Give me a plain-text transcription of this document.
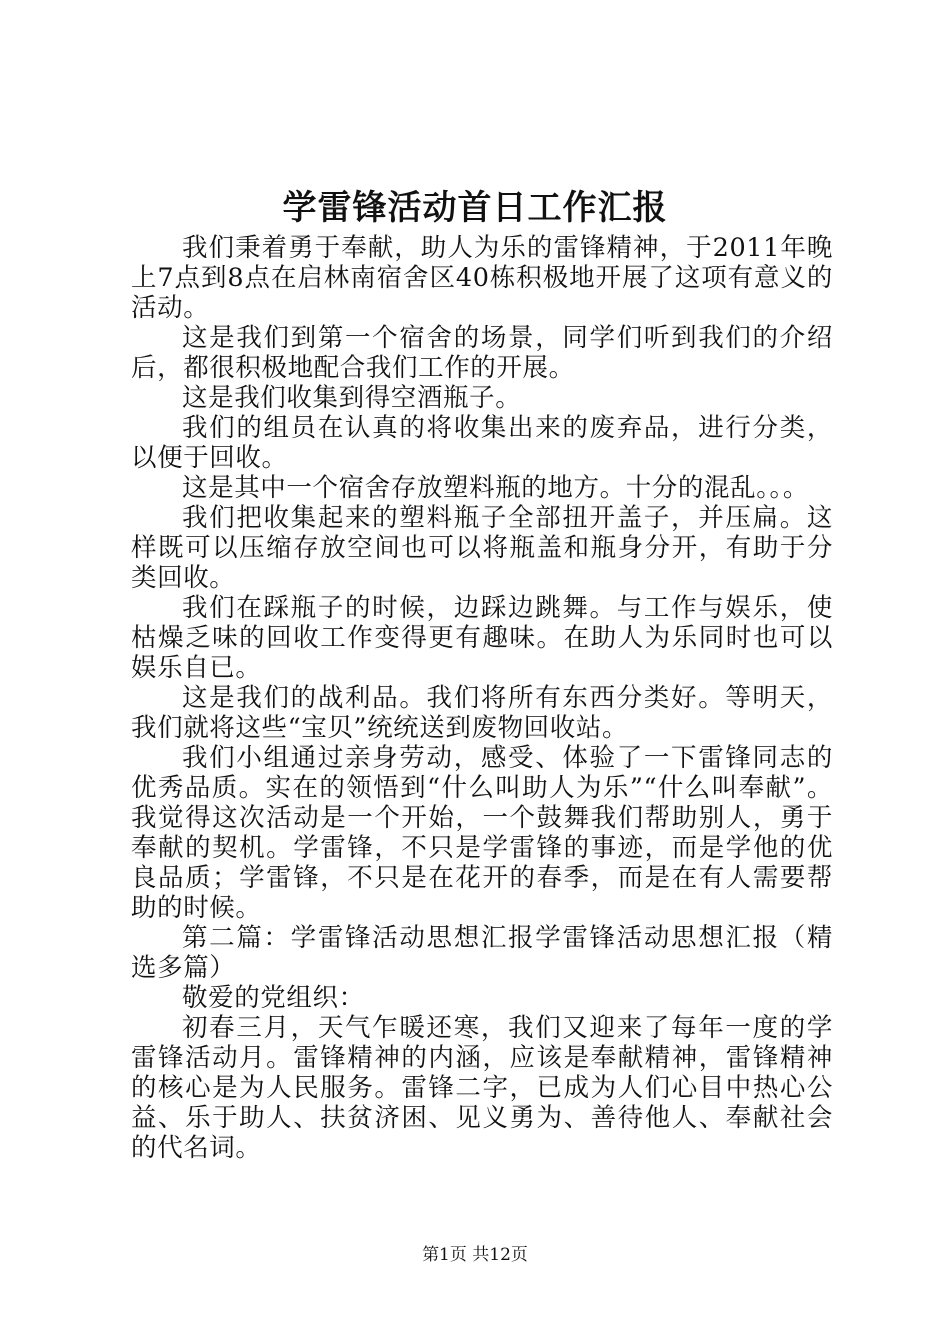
学雷锋活动首日工作汇报

我们秉着勇于奉献，助人为乐的雷锋精神，于2011年晚上7点到8点在启林南宿舍区40栋积极地开展了这项有意义的活动。

这是我们到第一个宿舍的场景，同学们听到我们的介绍后，都很积极地配合我们工作的开展。

这是我们收集到得空酒瓶子。

我们的组员在认真的将收集出来的废弃品，进行分类，以便于回收。

这是其中一个宿舍存放塑料瓶的地方。十分的混乱。。。

我们把收集起来的塑料瓶子全部扭开盖子，并压扁。这样既可以压缩存放空间也可以将瓶盖和瓶身分开，有助于分类回收。

我们在踩瓶子的时候，边踩边跳舞。与工作与娱乐，使枯燥乏味的回收工作变得更有趣味。在助人为乐同时也可以娱乐自已。

这是我们的战利品。我们将所有东西分类好。等明天，我们就将这些“宝贝”统统送到废物回收站。

我们小组通过亲身劳动，感受、体验了一下雷锋同志的优秀品质。实在的领悟到“什么叫助人为乐”“什么叫奉献”。我觉得这次活动是一个开始，一个鼓舞我们帮助别人，勇于奉献的契机。学雷锋，不只是学雷锋的事迹，而是学他的优良品质；学雷锋，不只是在花开的春季，而是在有人需要帮助的时候。

第二篇：学雷锋活动思想汇报学雷锋活动思想汇报（精选多篇）

敬爱的党组织：

初春三月，天气乍暖还寒，我们又迎来了每年一度的学雷锋活动月。雷锋精神的内涵，应该是奉献精神，雷锋精神的核心是为人民服务。雷锋二字，已成为人们心目中热心公益、乐于助人、扶贫济困、见义勇为、善待他人、奉献社会的代名词。

第1页 共12页
